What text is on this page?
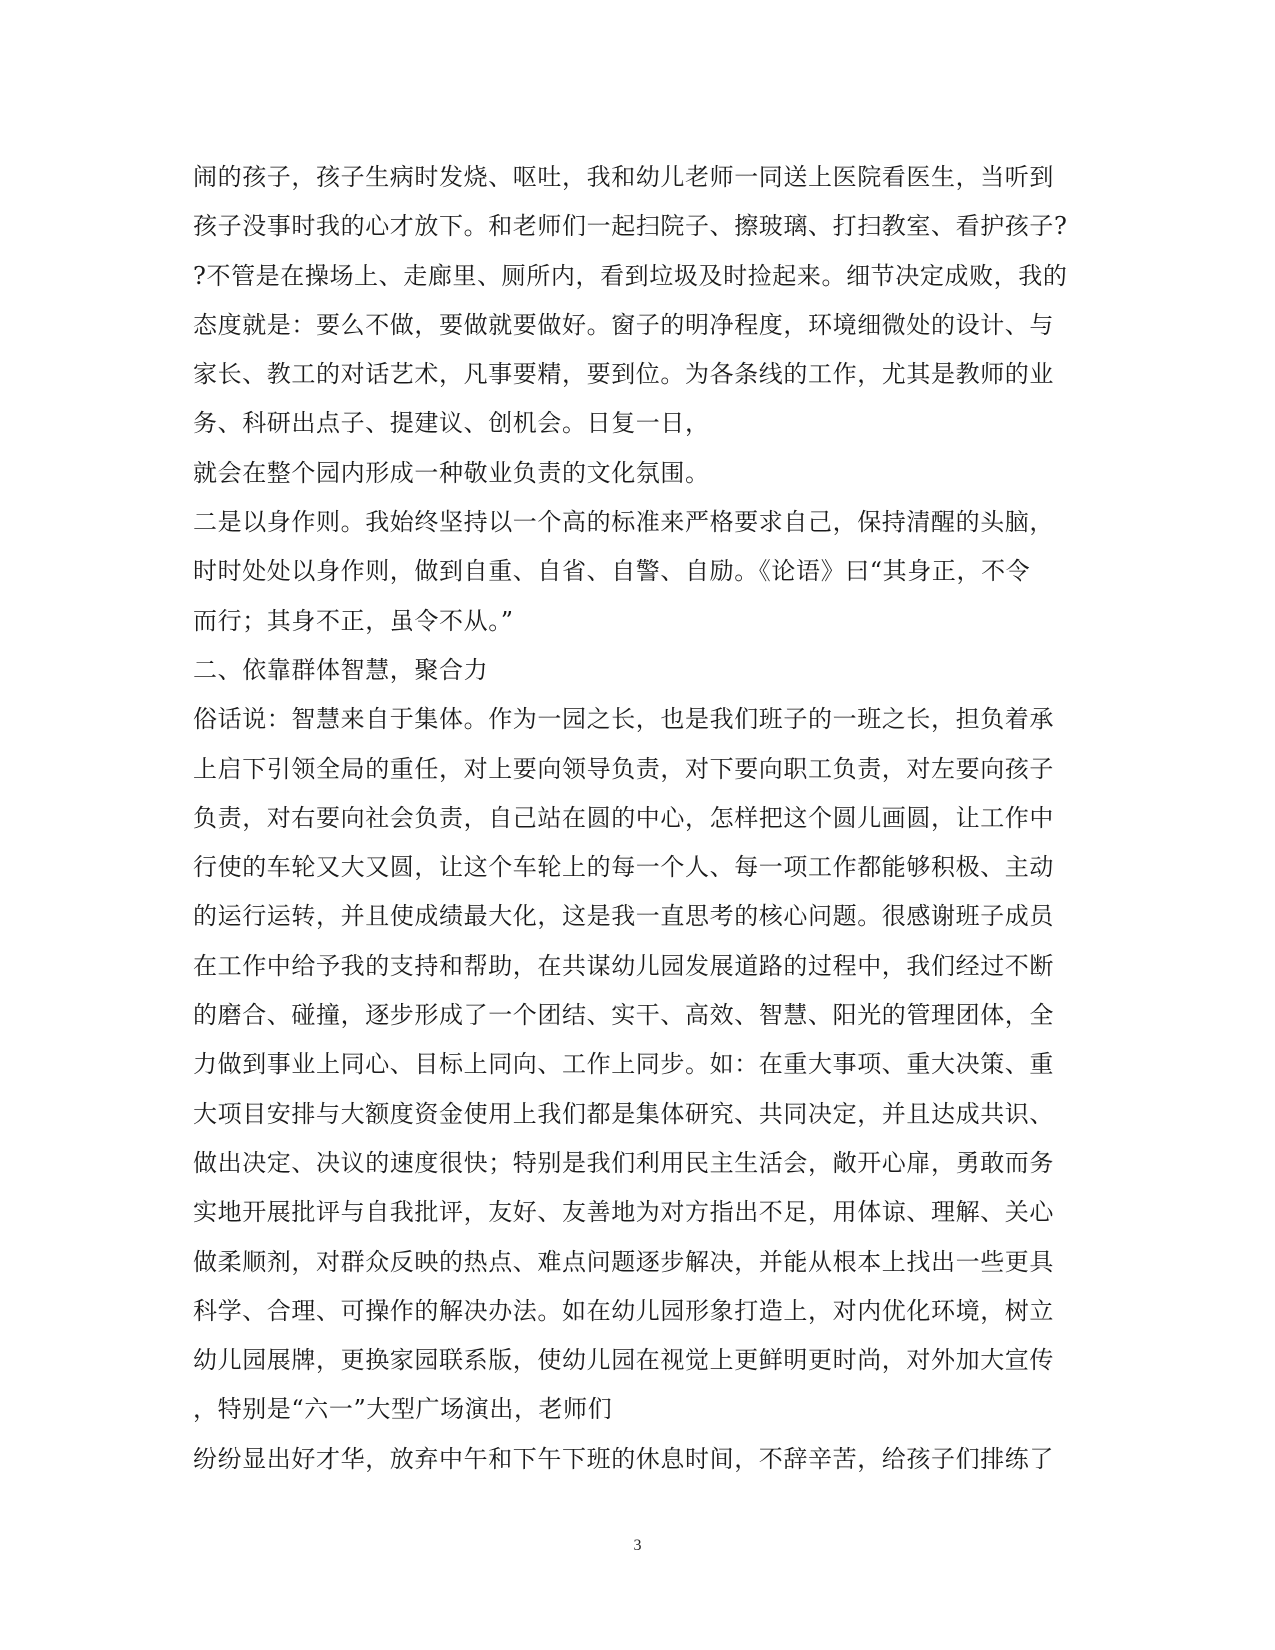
闹的孩子，孩子生病时发烧、呕吐，我和幼儿老师一同送上医院看医生，当听到
孩子没事时我的心才放下。和老师们一起扫院子、擦玻璃、打扫教室、看护孩子?
?不管是在操场上、走廊里、厕所内，看到垃圾及时捡起来。细节决定成败，我的
态度就是：要么不做，要做就要做好。窗子的明净程度，环境细微处的设计、与
家长、教工的对话艺术，凡事要精，要到位。为各条线的工作，尤其是教师的业
务、科研出点子、提建议、创机会。日复一日，
就会在整个园内形成一种敬业负责的文化氛围。
二是以身作则。我始终坚持以一个高的标准来严格要求自己，保持清醒的头脑，
时时处处以身作则，做到自重、自省、自警、自励。《论语》曰“其身正，不令
而行；其身不正，虽令不从。”
二、依靠群体智慧，聚合力
俗话说：智慧来自于集体。作为一园之长，也是我们班子的一班之长，担负着承
上启下引领全局的重任，对上要向领导负责，对下要向职工负责，对左要向孩子
负责，对右要向社会负责，自己站在圆的中心，怎样把这个圆儿画圆，让工作中
行使的车轮又大又圆，让这个车轮上的每一个人、每一项工作都能够积极、主动
的运行运转，并且使成绩最大化，这是我一直思考的核心问题。很感谢班子成员
在工作中给予我的支持和帮助，在共谋幼儿园发展道路的过程中，我们经过不断
的磨合、碰撞，逐步形成了一个团结、实干、高效、智慧、阳光的管理团体，全
力做到事业上同心、目标上同向、工作上同步。如：在重大事项、重大决策、重
大项目安排与大额度资金使用上我们都是集体研究、共同决定，并且达成共识、
做出决定、决议的速度很快；特别是我们利用民主生活会，敞开心扉，勇敢而务
实地开展批评与自我批评，友好、友善地为对方指出不足，用体谅、理解、关心
做柔顺剂，对群众反映的热点、难点问题逐步解决，并能从根本上找出一些更具
科学、合理、可操作的解决办法。如在幼儿园形象打造上，对内优化环境，树立
幼儿园展牌，更换家园联系版，使幼儿园在视觉上更鲜明更时尚，对外加大宣传
，特别是“六一”大型广场演出，老师们
纷纷显出好才华，放弃中午和下午下班的休息时间，不辞辛苦，给孩子们排练了
3
